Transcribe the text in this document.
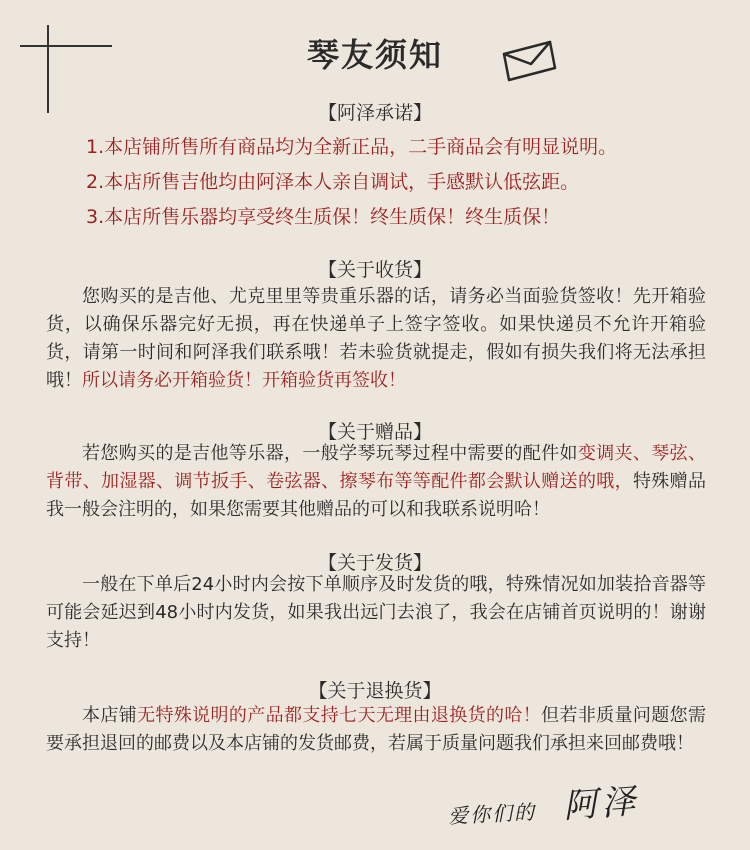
琴友须知
【阿泽承诺】
1.本店铺所售所有商品均为全新正品，二手商品会有明显说明。
2.本店所售吉他均由阿泽本人亲自调试，手感默认低弦距。
3.本店所售乐器均享受终生质保！终生质保！终生质保！
【关于收货】
您购买的是吉他、尤克里里等贵重乐器的话，请务必当面验货签收！先开箱验货，以确保乐器完好无损，再在快递单子上签字签收。如果快递员不允许开箱验货，请第一时间和阿泽我们联系哦！若未验货就提走，假如有损失我们将无法承担哦！所以请务必开箱验货！开箱验货再签收！
【关于赠品】
若您购买的是吉他等乐器，一般学琴玩琴过程中需要的配件如变调夹、琴弦、背带、加湿器、调节扳手、卷弦器、擦琴布等等配件都会默认赠送的哦，特殊赠品我一般会注明的，如果您需要其他赠品的可以和我联系说明哈！
【关于发货】
一般在下单后24小时内会按下单顺序及时发货的哦，特殊情况如加装拾音器等可能会延迟到48小时内发货，如果我出远门去浪了，我会在店铺首页说明的！谢谢支持！
【关于退换货】
本店铺无特殊说明的产品都支持七天无理由退换货的哈！但若非质量问题您需要承担退回的邮费以及本店铺的发货邮费，若属于质量问题我们承担来回邮费哦！
爱你们的 阿泽
